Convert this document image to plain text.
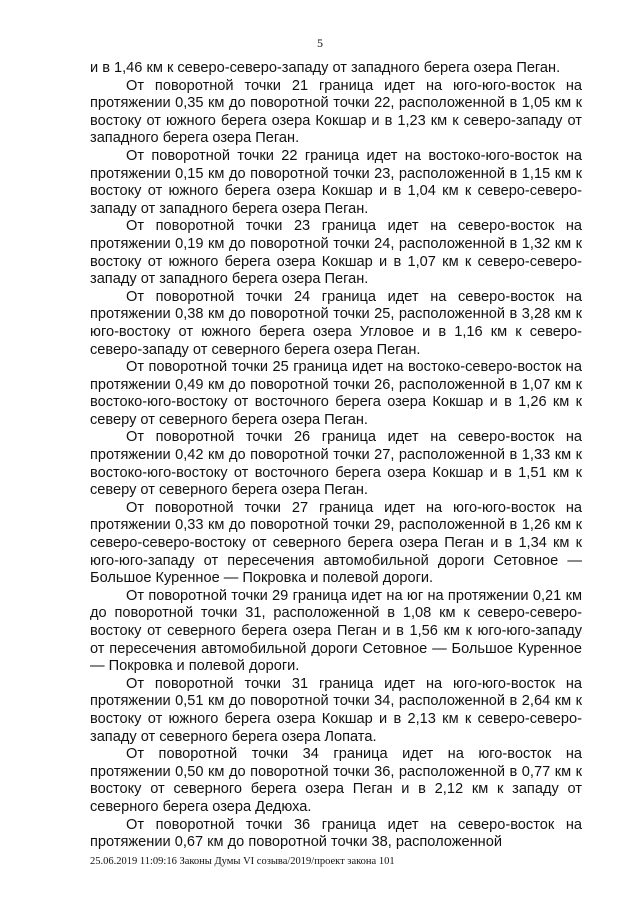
5

и в 1,46 км к северо-северо-западу от западного берега озера Пеган.

От поворотной точки 21 граница идет на юго-юго-восток на протяжении 0,35 км до поворотной точки 22, расположенной в 1,05 км к востоку от южного берега озера Кокшар и в 1,23 км к северо-западу от западного берега озера Пеган.

От поворотной точки 22 граница идет на востоко-юго-восток на протяжении 0,15 км до поворотной точки 23, расположенной в 1,15 км к востоку от южного берега озера Кокшар и в 1,04 км к северо-северо-западу от западного берега озера Пеган.

От поворотной точки 23 граница идет на северо-восток на протяжении 0,19 км до поворотной точки 24, расположенной в 1,32 км к востоку от южного берега озера Кокшар и в 1,07 км к северо-северо-западу от западного берега озера Пеган.

От поворотной точки 24 граница идет на северо-восток на протяжении 0,38 км до поворотной точки 25, расположенной в 3,28 км к юго-востоку от южного берега озера Угловое и в 1,16 км к северо-северо-западу от северного берега озера Пеган.

От поворотной точки 25 граница идет на востоко-северо-восток на протяжении 0,49 км до поворотной точки 26, расположенной в 1,07 км к востоко-юго-востоку от восточного берега озера Кокшар и в 1,26 км к северу от северного берега озера Пеган.

От поворотной точки 26 граница идет на северо-восток на протяжении 0,42 км до поворотной точки 27, расположенной в 1,33 км к востоко-юго-востоку от восточного берега озера Кокшар и в 1,51 км к северу от северного берега озера Пеган.

От поворотной точки 27 граница идет на юго-юго-восток на протяжении 0,33 км до поворотной точки 29, расположенной в 1,26 км к северо-северо-востоку от северного берега озера Пеган и в 1,34 км к юго-юго-западу от пересечения автомобильной дороги Сетовное — Большое Куренное — Покровка и полевой дороги.

От поворотной точки 29 граница идет на юг на протяжении 0,21 км до поворотной точки 31, расположенной в 1,08 км к северо-северо-востоку от северного берега озера Пеган и в 1,56 км к юго-юго-западу от пересечения автомобильной дороги Сетовное — Большое Куренное — Покровка и полевой дороги.

От поворотной точки 31 граница идет на юго-юго-восток на протяжении 0,51 км до поворотной точки 34, расположенной в 2,64 км к востоку от южного берега озера Кокшар и в 2,13 км к северо-северо-западу от северного берега озера Лопата.

От поворотной точки 34 граница идет на юго-восток на протяжении 0,50 км до поворотной точки 36, расположенной в 0,77 км к востоку от северного берега озера Пеган и в 2,12 км к западу от северного берега озера Дедюха.

От поворотной точки 36 граница идет на северо-восток на протяжении 0,67 км до поворотной точки 38, расположенной

25.06.2019 11:09:16 Законы Думы VI созыва/2019/проект закона 101
